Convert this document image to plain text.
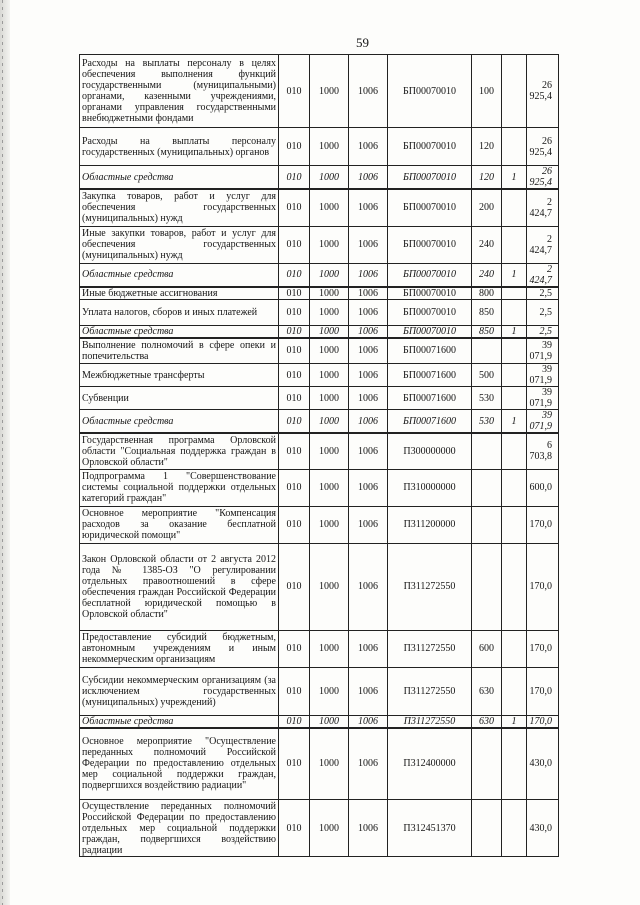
59
Расходы на выплаты персоналу в целях обеспечения выполнения функций государственными (муниципальными) органами, казенными учреждениями, органами управления государственными внебюджетными фондами	010	1000	1006	БП00070010	100		26 925,4
Расходы на выплаты персоналу государственных (муниципальных) органов	010	1000	1006	БП00070010	120		26 925,4
Областные средства	010	1000	1006	БП00070010	120	1	26 925,4
Закупка товаров, работ и услуг для обеспечения государственных (муниципальных) нужд	010	1000	1006	БП00070010	200		2 424,7
Иные закупки товаров, работ и услуг для обеспечения государственных (муниципальных) нужд	010	1000	1006	БП00070010	240		2 424,7
Областные средства	010	1000	1006	БП00070010	240	1	2 424,7
Иные бюджетные ассигнования	010	1000	1006	БП00070010	800		2,5
Уплата налогов, сборов и иных платежей	010	1000	1006	БП00070010	850		2,5
Областные средства	010	1000	1006	БП00070010	850	1	2,5
Выполнение полномочий в сфере опеки и попечительства	010	1000	1006	БП00071600			39 071,9
Межбюджетные трансферты	010	1000	1006	БП00071600	500		39 071,9
Субвенции	010	1000	1006	БП00071600	530		39 071,9
Областные средства	010	1000	1006	БП00071600	530	1	39 071,9
Государственная программа Орловской области "Социальная поддержка граждан в Орловской области"	010	1000	1006	П300000000			6 703,8
Подпрограмма 1 "Совершенствование системы социальной поддержки отдельных категорий граждан"	010	1000	1006	П310000000			600,0
Основное мероприятие "Компенсация расходов за оказание бесплатной юридической помощи"	010	1000	1006	П311200000			170,0
Закон Орловской области от 2 августа 2012 года № 1385-ОЗ "О регулировании отдельных правоотношений в сфере обеспечения граждан Российской Федерации бесплатной юридической помощью в Орловской области"	010	1000	1006	П311272550			170,0
Предоставление субсидий бюджетным, автономным учреждениям и иным некоммерческим организациям	010	1000	1006	П311272550	600		170,0
Субсидии некоммерческим организациям (за исключением государственных (муниципальных) учреждений)	010	1000	1006	П311272550	630		170,0
Областные средства	010	1000	1006	П311272550	630	1	170,0
Основное мероприятие "Осуществление переданных полномочий Российской Федерации по предоставлению отдельных мер социальной поддержки граждан, подвергшихся воздействию радиации"	010	1000	1006	П312400000			430,0
Осуществление переданных полномочий Российской Федерации по предоставлению отдельных мер социальной поддержки граждан, подвергшихся воздействию радиации	010	1000	1006	П312451370			430,0
